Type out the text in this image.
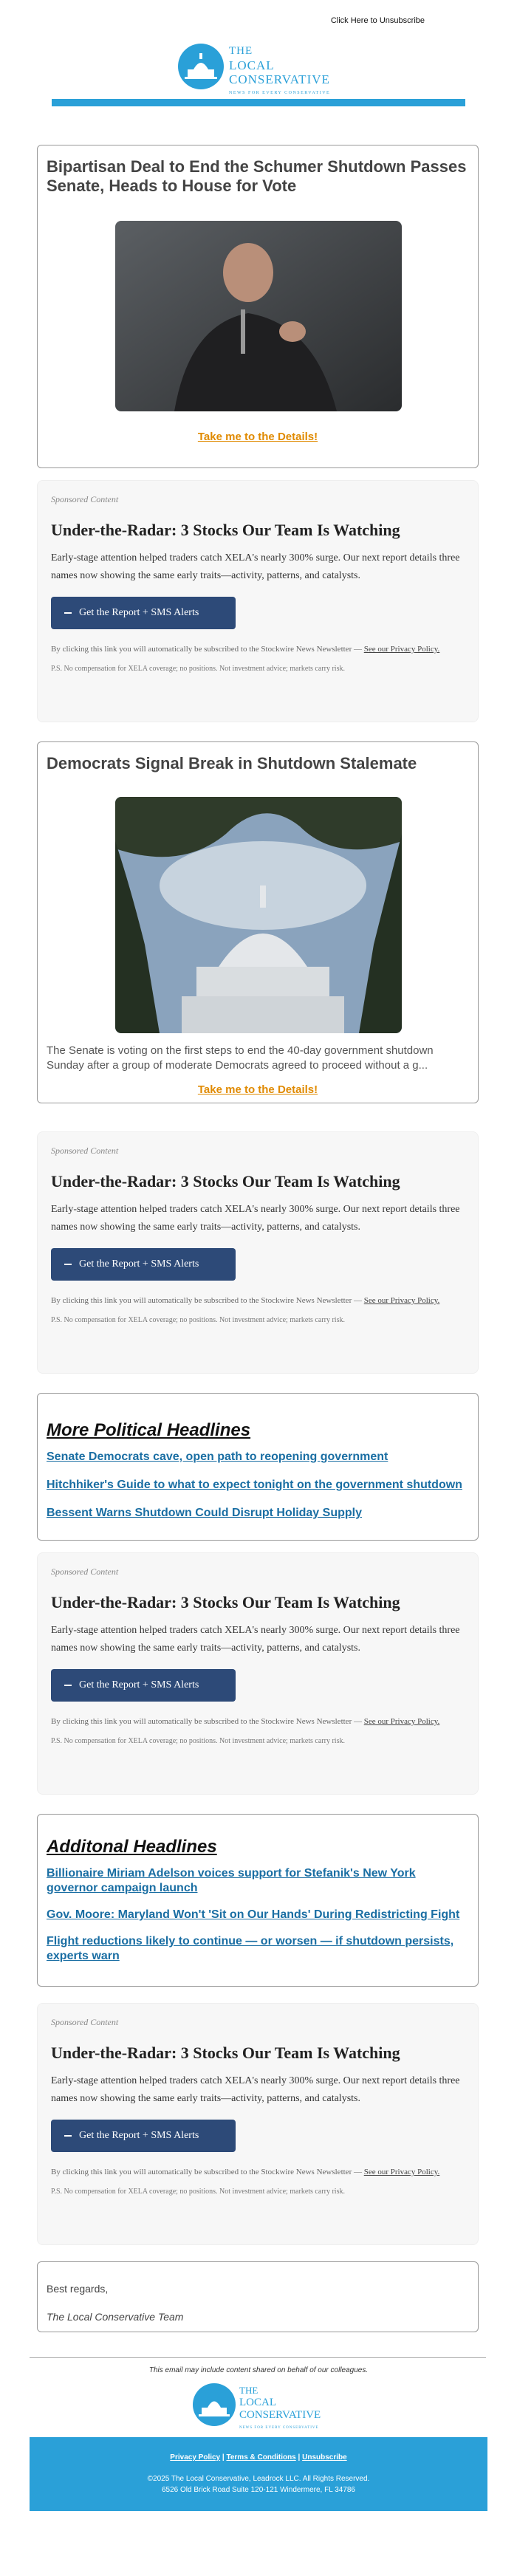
Click Here to Unsubscribe
THE
LOCAL
CONSERVATIVE
NEWS FOR EVERY CONSERVATIVE
Bipartisan Deal to End the Schumer Shutdown Passes Senate, Heads to House for Vote
Take me to the Details!
Sponsored Content
Under-the-Radar: 3 Stocks Our Team Is Watching
Early-stage attention helped traders catch XELA's nearly 300% surge. Our next report details three names now showing the same early traits—activity, patterns, and catalysts.
Get the Report + SMS Alerts
By clicking this link you will automatically be subscribed to the Stockwire News Newsletter — See our Privacy Policy.
P.S. No compensation for XELA coverage; no positions. Not investment advice; markets carry risk.
Democrats Signal Break in Shutdown Stalemate
The Senate is voting on the first steps to end the 40-day government shutdown Sunday after a group of moderate Democrats agreed to proceed without a g...
Take me to the Details!
Sponsored Content
Under-the-Radar: 3 Stocks Our Team Is Watching
Early-stage attention helped traders catch XELA's nearly 300% surge. Our next report details three names now showing the same early traits—activity, patterns, and catalysts.
Get the Report + SMS Alerts
By clicking this link you will automatically be subscribed to the Stockwire News Newsletter — See our Privacy Policy.
P.S. No compensation for XELA coverage; no positions. Not investment advice; markets carry risk.
More Political Headlines
Senate Democrats cave, open path to reopening government
Hitchhiker's Guide to what to expect tonight on the government shutdown
Bessent Warns Shutdown Could Disrupt Holiday Supply
Sponsored Content
Under-the-Radar: 3 Stocks Our Team Is Watching
Early-stage attention helped traders catch XELA's nearly 300% surge. Our next report details three names now showing the same early traits—activity, patterns, and catalysts.
Get the Report + SMS Alerts
By clicking this link you will automatically be subscribed to the Stockwire News Newsletter — See our Privacy Policy.
P.S. No compensation for XELA coverage; no positions. Not investment advice; markets carry risk.
Additonal Headlines
Billionaire Miriam Adelson voices support for Stefanik's New York governor campaign launch
Gov. Moore: Maryland Won't 'Sit on Our Hands' During Redistricting Fight
Flight reductions likely to continue — or worsen — if shutdown persists, experts warn
Sponsored Content
Under-the-Radar: 3 Stocks Our Team Is Watching
Early-stage attention helped traders catch XELA's nearly 300% surge. Our next report details three names now showing the same early traits—activity, patterns, and catalysts.
Get the Report + SMS Alerts
By clicking this link you will automatically be subscribed to the Stockwire News Newsletter — See our Privacy Policy.
P.S. No compensation for XELA coverage; no positions. Not investment advice; markets carry risk.
Best regards,
The Local Conservative Team
This email may include content shared on behalf of our colleagues.
THE
LOCAL
CONSERVATIVE
NEWS FOR EVERY CONSERVATIVE
Privacy Policy | Terms & Conditions | Unsubscribe
©2025 The Local Conservative, Leadrock LLC. All Rights Reserved.
6526 Old Brick Road Suite 120-121 Windermere, FL 34786
